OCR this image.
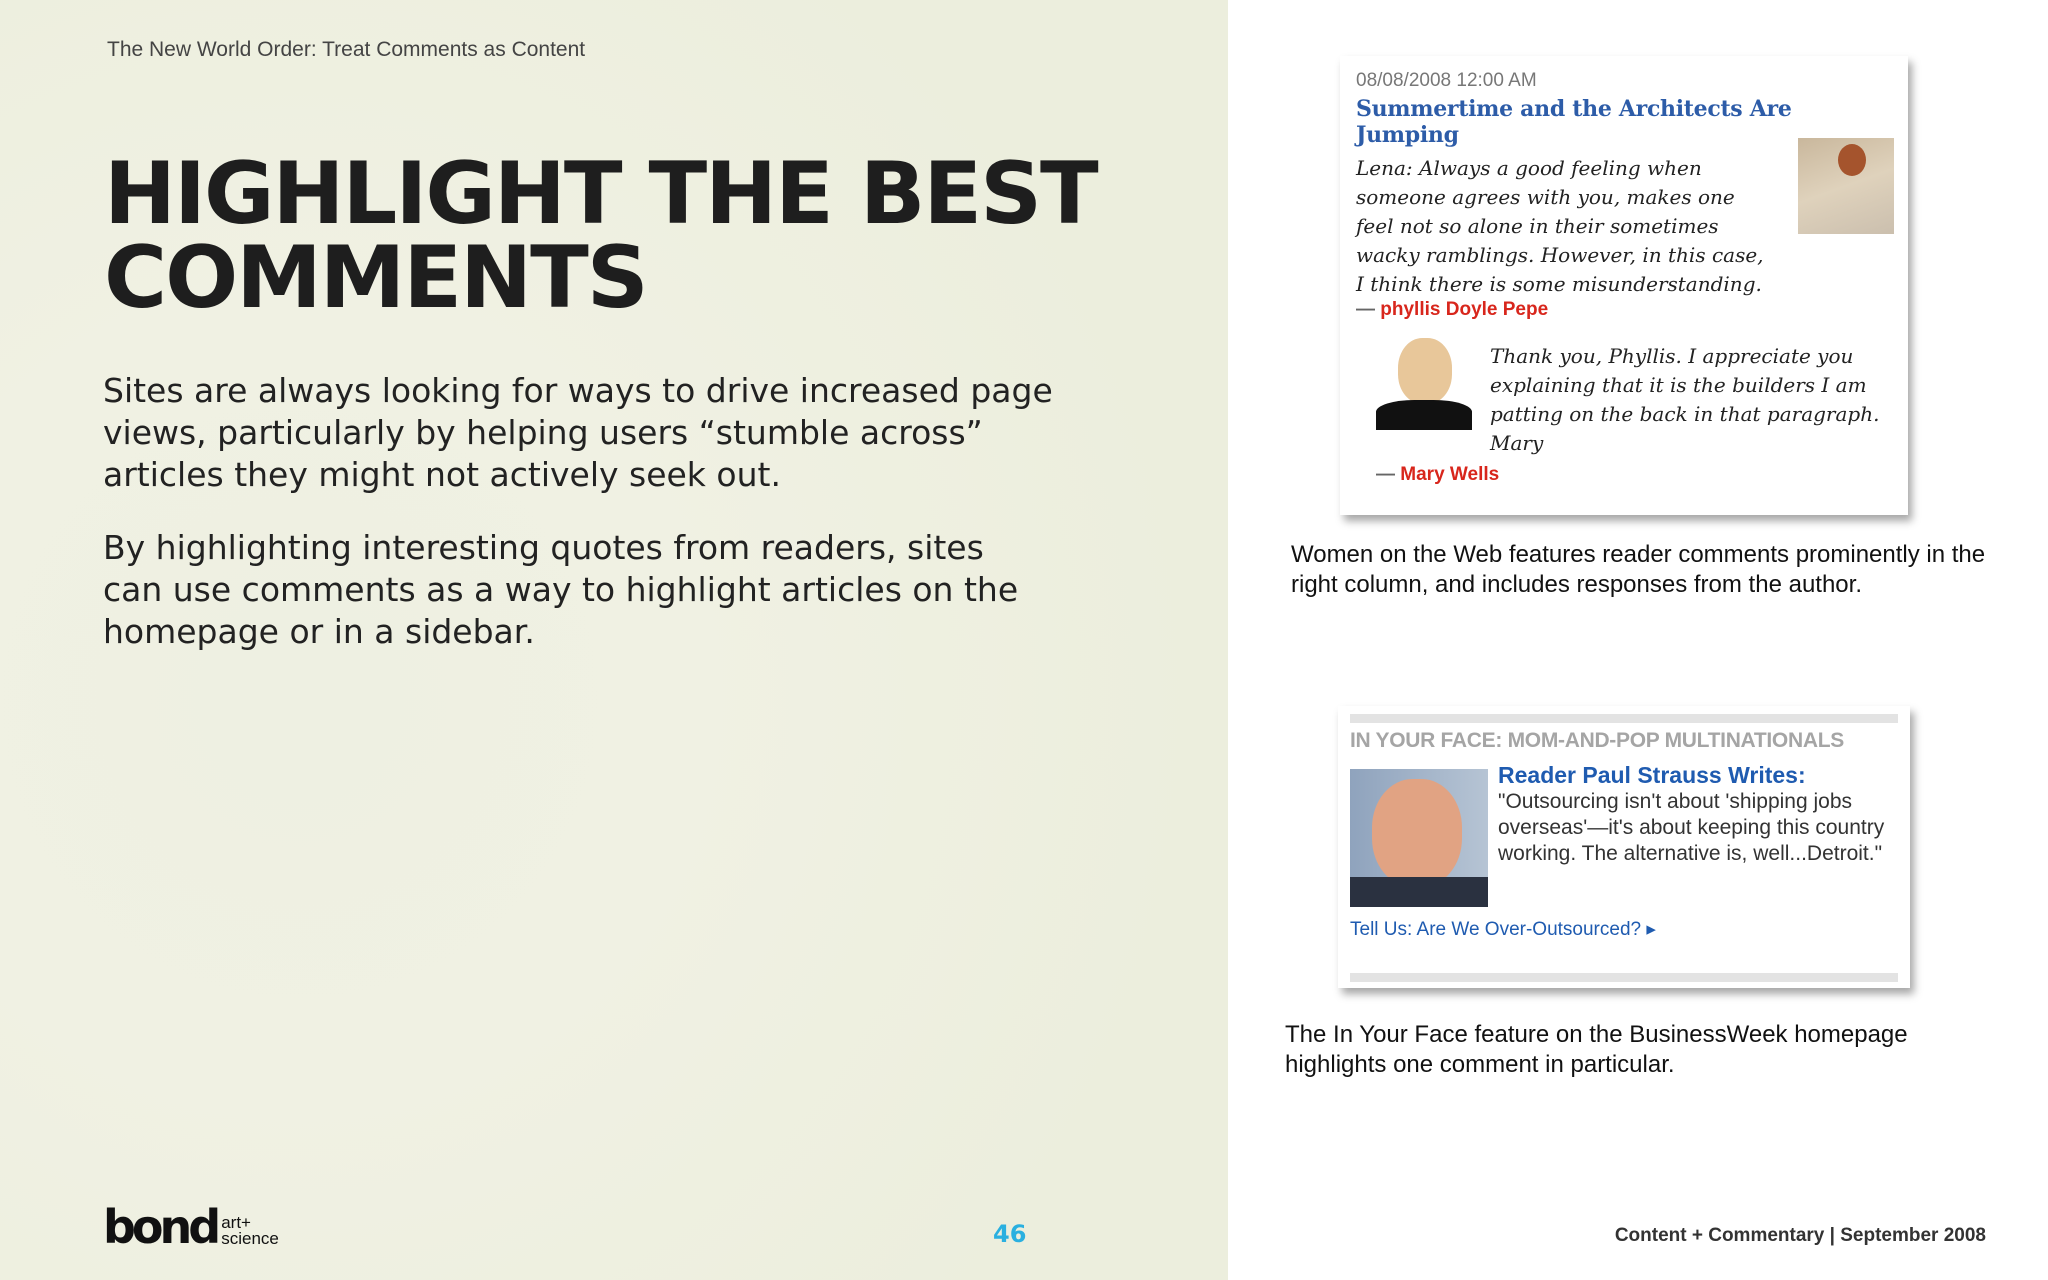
The New World Order: Treat Comments as Content
HIGHLIGHT THE BEST
COMMENTS
Sites are always looking for ways to drive increased page views, particularly by helping users “stumble across” articles they might not actively seek out.
By highlighting interesting quotes from readers, sites can use comments as a way to highlight articles on the homepage or in a sidebar.
bond art+
science	46
08/08/2008 12:00 AM
Summertime and the Architects Are Jumping
Lena: Always a good feeling when someone agrees with you, makes one feel not so alone in their sometimes wacky ramblings. However, in this case, I think there is some misunderstanding.
— phyllis Doyle Pepe
Thank you, Phyllis. I appreciate you explaining that it is the builders I am patting on the back in that paragraph. Mary
— Mary Wells
Women on the Web features reader comments prominently in the right column, and includes responses from the author.
IN YOUR FACE: MOM-AND-POP MULTINATIONALS
Reader Paul Strauss Writes:
"Outsourcing isn't about 'shipping jobs overseas'—it's about keeping this country working. The alternative is, well...Detroit."
Tell Us: Are We Over-Outsourced? ▸
The In Your Face feature on the BusinessWeek homepage highlights one comment in particular.
Content + Commentary | September 2008
